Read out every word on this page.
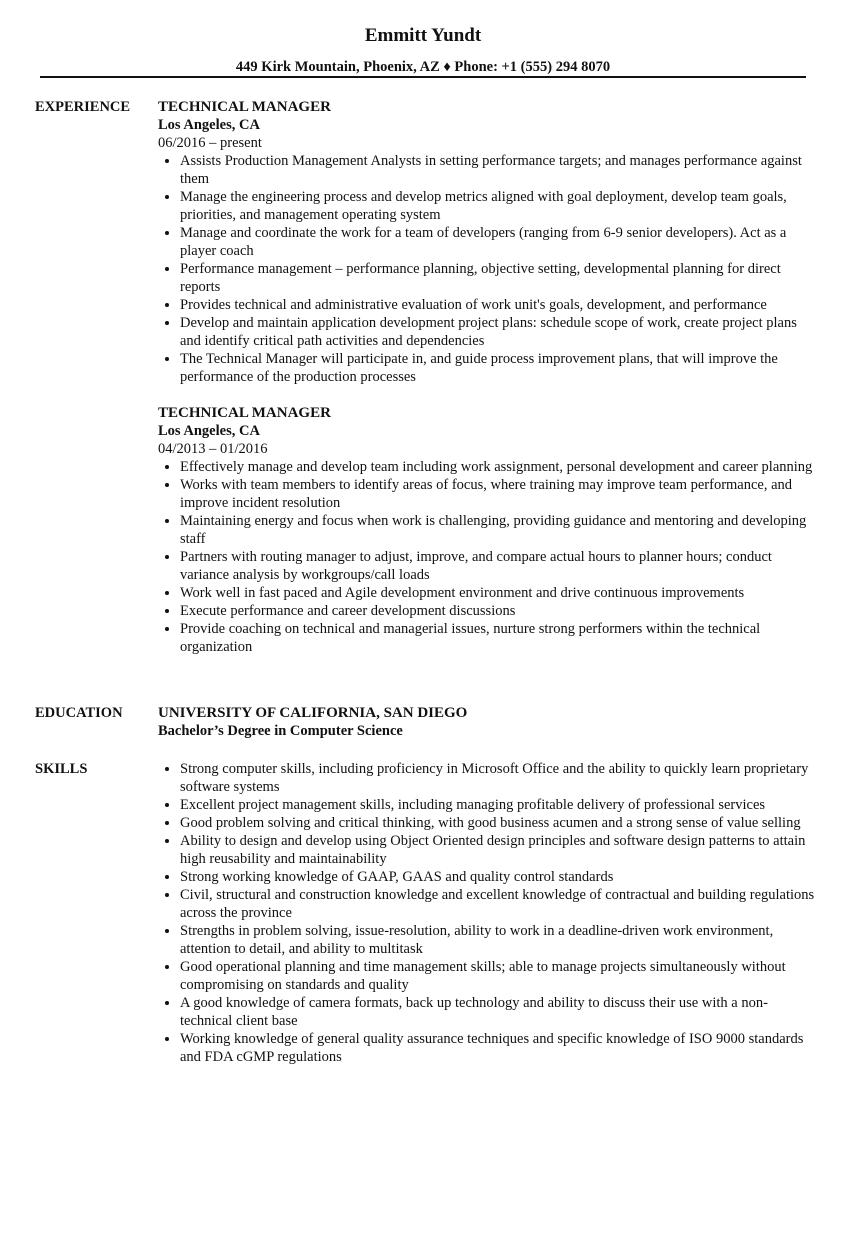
Emmitt Yundt
449 Kirk Mountain, Phoenix, AZ ♦ Phone: +1 (555) 294 8070
EXPERIENCE TECHNICAL MANAGER
Los Angeles, CA
06/2016 – present
• Assists Production Management Analysts in setting performance targets; and manages performance against them
• Manage the engineering process and develop metrics aligned with goal deployment, develop team goals, priorities, and management operating system
• Manage and coordinate the work for a team of developers (ranging from 6-9 senior developers). Act as a player coach
• Performance management – performance planning, objective setting, developmental planning for direct reports
• Provides technical and administrative evaluation of work unit's goals, development, and performance
• Develop and maintain application development project plans: schedule scope of work, create project plans and identify critical path activities and dependencies
• The Technical Manager will participate in, and guide process improvement plans, that will improve the performance of the production processes
TECHNICAL MANAGER
Los Angeles, CA
04/2013 – 01/2016
• Effectively manage and develop team including work assignment, personal development and career planning
• Works with team members to identify areas of focus, where training may improve team performance, and improve incident resolution
• Maintaining energy and focus when work is challenging, providing guidance and mentoring and developing staff
• Partners with routing manager to adjust, improve, and compare actual hours to planner hours; conduct variance analysis by workgroups/call loads
• Work well in fast paced and Agile development environment and drive continuous improvements
• Execute performance and career development discussions
• Provide coaching on technical and managerial issues, nurture strong performers within the technical organization
EDUCATION UNIVERSITY OF CALIFORNIA, SAN DIEGO
Bachelor’s Degree in Computer Science
SKILLS
•	Strong computer skills, including proficiency in Microsoft Office and the ability to quickly learn proprietary software systems
• Excellent project management skills, including managing profitable delivery of professional services
• Good problem solving and critical thinking, with good business acumen and a strong sense of value selling
• Ability to design and develop using Object Oriented design principles and software design patterns to attain high reusability and maintainability
• Strong working knowledge of GAAP, GAAS and quality control standards
• Civil, structural and construction knowledge and excellent knowledge of contractual and building regulations across the province
• Strengths in problem solving, issue-resolution, ability to work in a deadline-driven work environment, attention to detail, and ability to multitask
• Good operational planning and time management skills; able to manage projects simultaneously without compromising on standards and quality
• A good knowledge of camera formats, back up technology and ability to discuss their use with a non-technical client base
• Working knowledge of general quality assurance techniques and specific knowledge of ISO 9000 standards and FDA cGMP regulations
